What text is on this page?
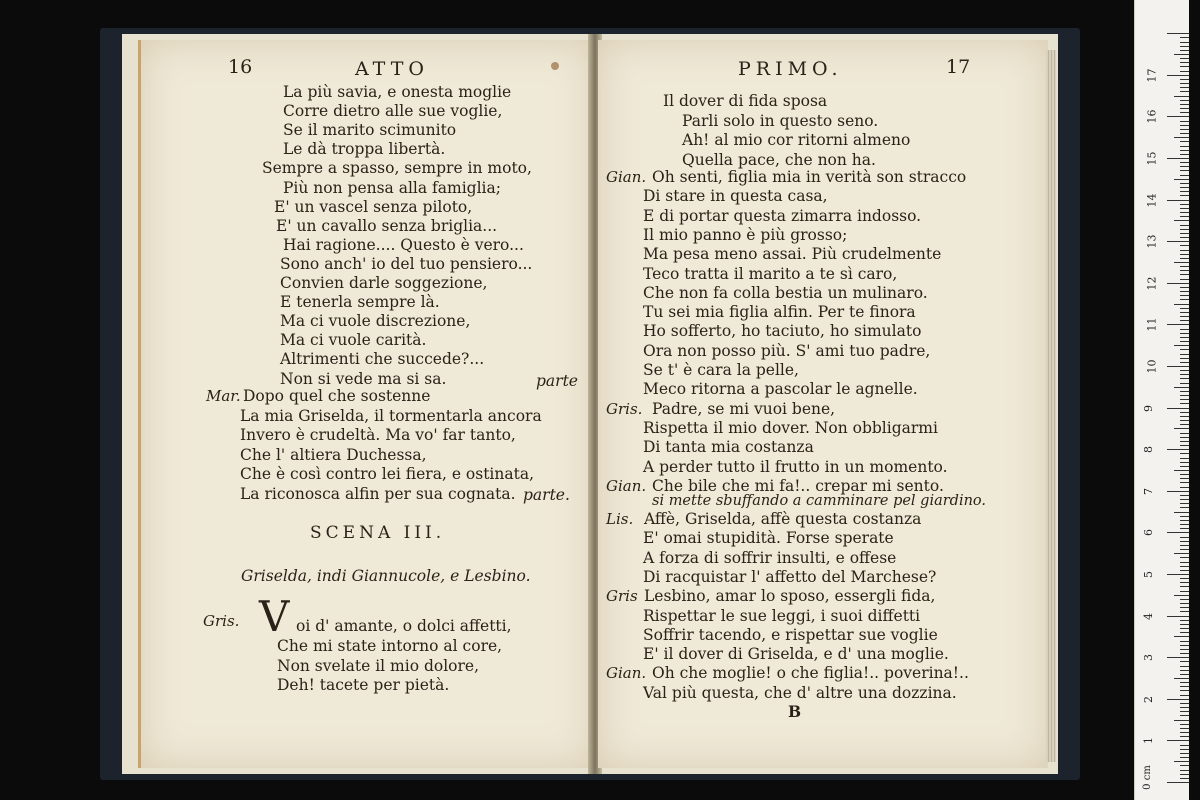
16	ATTO
La più savia, e onesta moglie
Corre dietro alle sue voglie,
Se il marito scimunito
Le dà troppa libertà.
Sempre a spasso, sempre in moto,
Più non pensa alla famiglia;
E' un vascel senza piloto,
E' un cavallo senza briglia...
Hai ragione.... Questo è vero...
Sono anch' io del tuo pensiero...
Convien darle soggezione,
E tenerla sempre là.
Ma ci vuole discrezione,
Ma ci vuole carità.
Altrimenti che succede?...
Non si vede ma si sa.	parte
Mar. Dopo quel che sostenne
La mia Griselda, il tormentarla ancora
Invero è crudeltà. Ma vo' far tanto,
Che l' altiera Duchessa,
Che è così contro lei fiera, e ostinata,
La riconosca alfin per sua cognata. parte.
SCENA III.
Griselda, indi Giannucole, e Lesbino.
Gris. V oi d' amante, o dolci affetti,
Che mi state intorno al core,
Non svelate il mio dolore,
Deh! tacete per pietà.
PRIMO.	17
Il dover di fida sposa
Parli solo in questo seno.
Ah! al mio cor ritorni almeno
Quella pace, che non ha.
Gian. Oh senti, figlia mia in verità son stracco
Di stare in questa casa,
E di portar questa zimarra indosso.
Il mio panno è più grosso;
Ma pesa meno assai. Più crudelmente
Teco tratta il marito a te sì caro,
Che non fa colla bestia un mulinaro.
Tu sei mia figlia alfin. Per te finora
Ho sofferto, ho taciuto, ho simulato
Ora non posso più. S' ami tuo padre,
Se t' è cara la pelle,
Meco ritorna a pascolar le agnelle.
Gris. Padre, se mi vuoi bene,
Rispetta il mio dover. Non obbligarmi
Di tanta mia costanza
A perder tutto il frutto in un momento.
Gian. Che bile che mi fa!.. crepar mi sento.
si mette sbuffando a camminare pel giardino.
Lis. Affè, Griselda, affè questa costanza
E' omai stupidità. Forse sperate
A forza di soffrir insulti, e offese
Di racquistar l' affetto del Marchese?
Gris Lesbino, amar lo sposo, essergli fida,
Rispettar le sue leggi, i suoi diffetti
Soffrir tacendo, e rispettar sue voglie
E' il dover di Griselda, e d' una moglie.
Gian. Oh che moglie! o che figlia!.. poverina!..
Val più questa, che d' altre una dozzina.
B
0 cm
1
2
3
4
5
6
7
8
9
10
11
12
13
14
15
16
17
